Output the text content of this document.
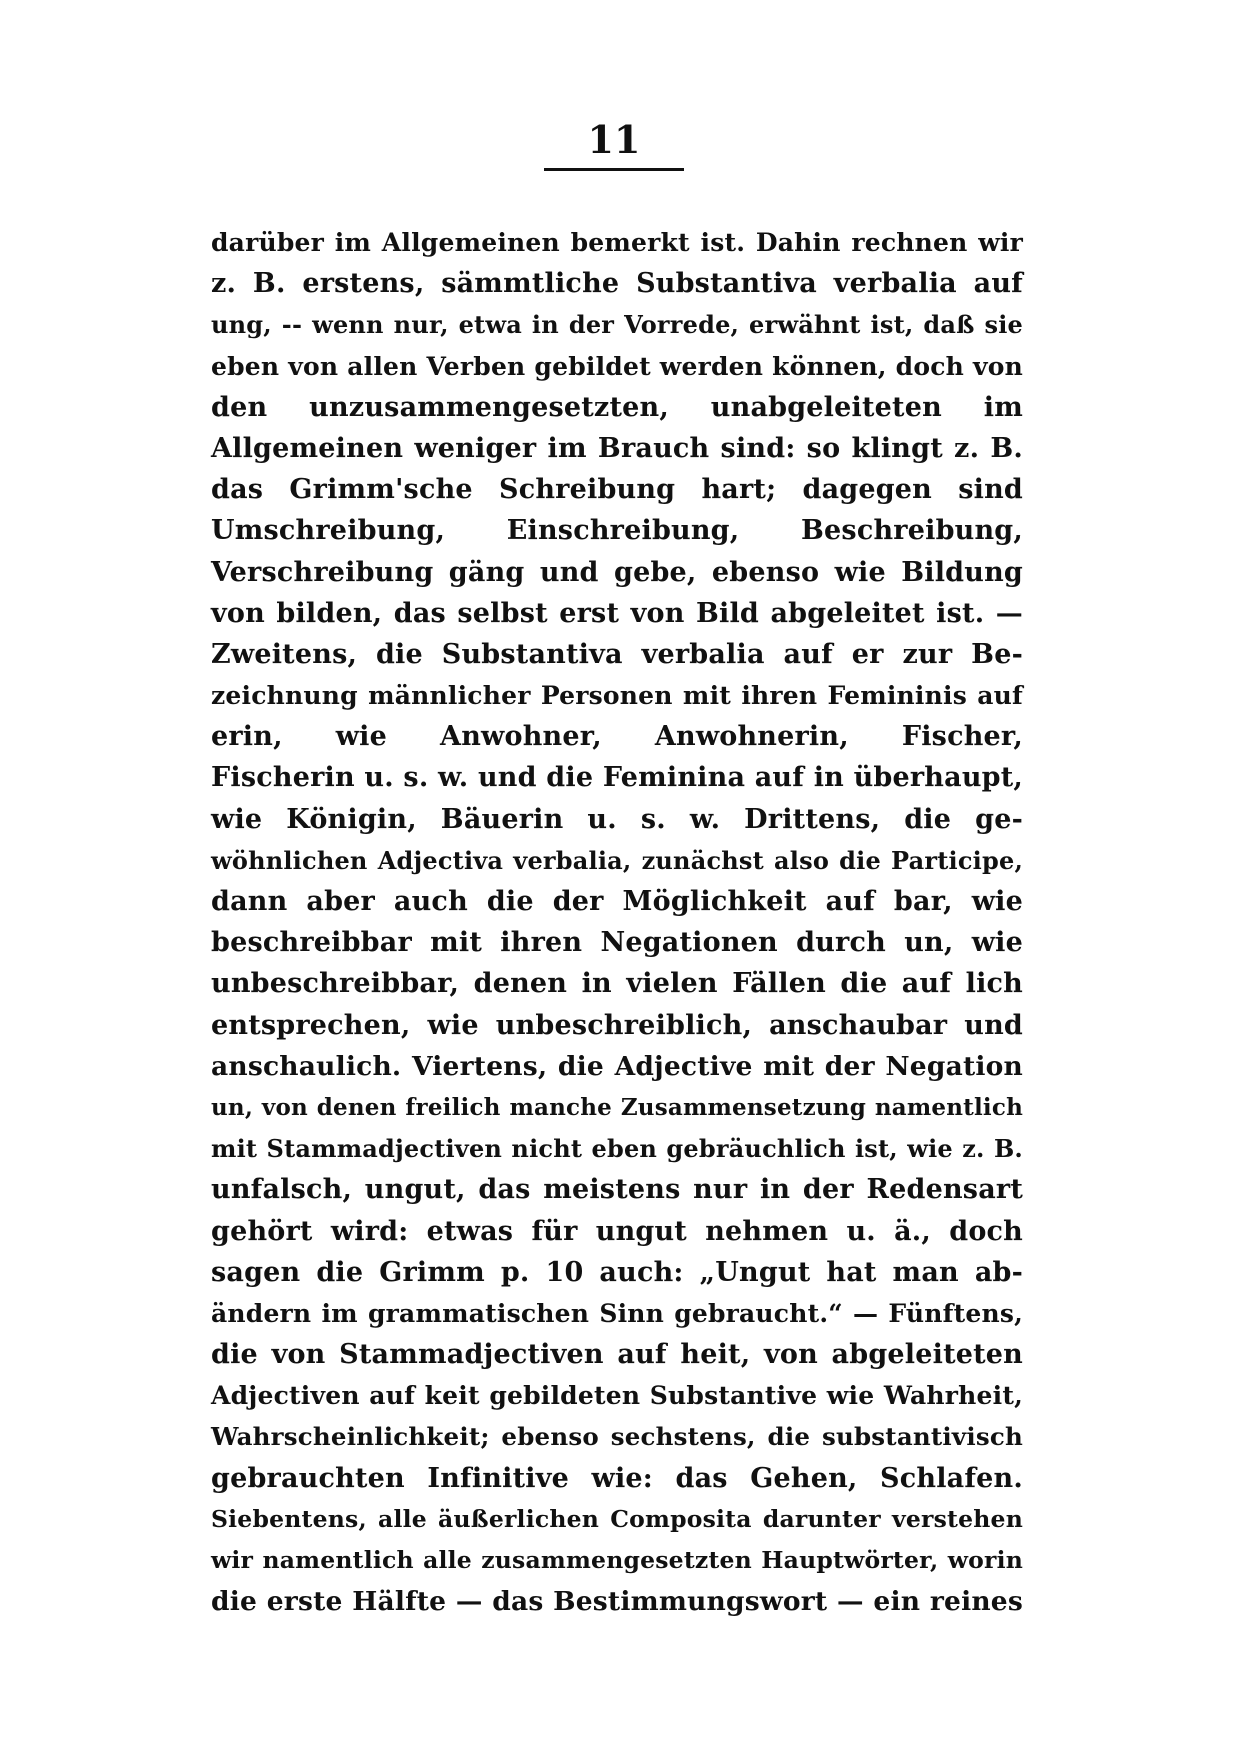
11
darüber im Allgemeinen bemerkt ist. Dahin rechnen wir
z. B. erstens, sämmtliche Substantiva verbalia auf
ung, -- wenn nur, etwa in der Vorrede, erwähnt ist, daß sie
eben von allen Verben gebildet werden können, doch von
den unzusammengesetzten, unabgeleiteten im
Allgemeinen weniger im Brauch sind: so klingt z. B.
das Grimm'sche Schreibung hart; dagegen sind
Umschreibung, Einschreibung, Beschreibung,
Verschreibung gäng und gebe, ebenso wie Bildung
von bilden, das selbst erst von Bild abgeleitet ist. —
Zweitens, die Substantiva verbalia auf er zur Be-
zeichnung männlicher Personen mit ihren Femininis auf
erin, wie Anwohner, Anwohnerin, Fischer,
Fischerin u. s. w. und die Feminina auf in überhaupt,
wie Königin, Bäuerin u. s. w. Drittens, die ge-
wöhnlichen Adjectiva verbalia, zunächst also die Participe,
dann aber auch die der Möglichkeit auf bar, wie
beschreibbar mit ihren Negationen durch un, wie
unbeschreibbar, denen in vielen Fällen die auf lich
entsprechen, wie unbeschreiblich, anschaubar und
anschaulich. Viertens, die Adjective mit der Negation
un, von denen freilich manche Zusammensetzung namentlich
mit Stammadjectiven nicht eben gebräuchlich ist, wie z. B.
unfalsch, ungut, das meistens nur in der Redensart
gehört wird: etwas für ungut nehmen u. ä., doch
sagen die Grimm p. 10 auch: „Ungut hat man ab-
ändern im grammatischen Sinn gebraucht.“ — Fünftens,
die von Stammadjectiven auf heit, von abgeleiteten
Adjectiven auf keit gebildeten Substantive wie Wahrheit,
Wahrscheinlichkeit; ebenso sechstens, die substantivisch
gebrauchten Infinitive wie: das Gehen, Schlafen.
Siebentens, alle äußerlichen Composita darunter verstehen
wir namentlich alle zusammengesetzten Hauptwörter, worin
die erste Hälfte — das Bestimmungswort — ein reines
